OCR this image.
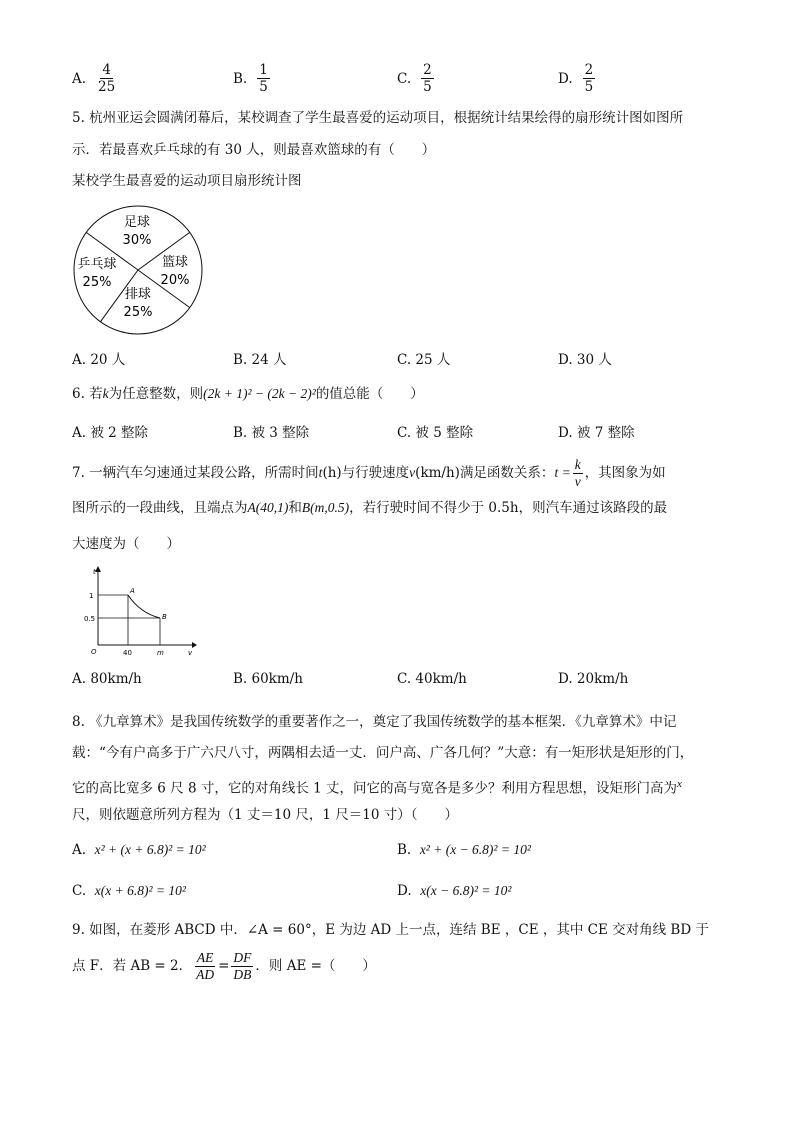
A. $\frac{4}{25}$	B. $\frac{1}{5}$	C. $\frac{2}{5}$	D. $\frac{2}{5}$
5. 杭州亚运会圆满闭幕后，某校调查了学生最喜爱的运动项目，根据统计结果绘得的扇形统计图如图所
示．若最喜欢乒乓球的有 30 人，则最喜欢篮球的有（　　）
某校学生最喜爱的运动项目扇形统计图
足球
30%
篮球
20%
排球
25%
乒乓球
25%
A. 20 人	B. 24 人	C. 25 人	D. 30 人
6. 若k为任意整数，则(2k + 1)² − (2k − 2)²的值总能（　　）
A. 被 2 整除	B. 被 3 整除	C. 被 5 整除	D. 被 7 整除
7. 一辆汽车匀速通过某段公路，所需时间t(h)与行驶速度v(km/h)满足函数关系：$t = \frac{k}{v}$ ，其图象为如
图所示的一段曲线，且端点为A(40,1)和B(m,0.5)，若行驶时间不得少于 0.5h，则汽车通过该路段的最
大速度为（　　）
t
v
1
0.5
O	40	m
A
B
A. 80km/h	B. 60km/h	C. 40km/h	D. 20km/h
8. 《九章算术》是我国传统数学的重要著作之一，奠定了我国传统数学的基本框架．《九章算术》中记
载：“今有户高多于广六尺八寸，两隅相去适一丈．问户高、广各几何？”大意：有一矩形状是矩形的门，
它的高比宽多 6 尺 8 寸，它的对角线长 1 丈，问它的高与宽各是多少？利用方程思想，设矩形门高为$^x$
尺，则依题意所列方程为（1 丈＝10 尺，1 尺＝10 寸）（　　）
A. x² + (x + 6.8)² = 10²	B. x² + (x − 6.8)² = 10²
C. x(x + 6.8)² = 10²	D. x(x − 6.8)² = 10²
9. 如图，在菱形 ABCD 中．∠A = 60°，E 为边 AD 上一点，连结 BE ，CE ，其中 CE 交对角线 BD 于
点 F．若 AB = 2． $\frac{AE}{AD} = \frac{DF}{DB}$ ．则 AE =（　　）
